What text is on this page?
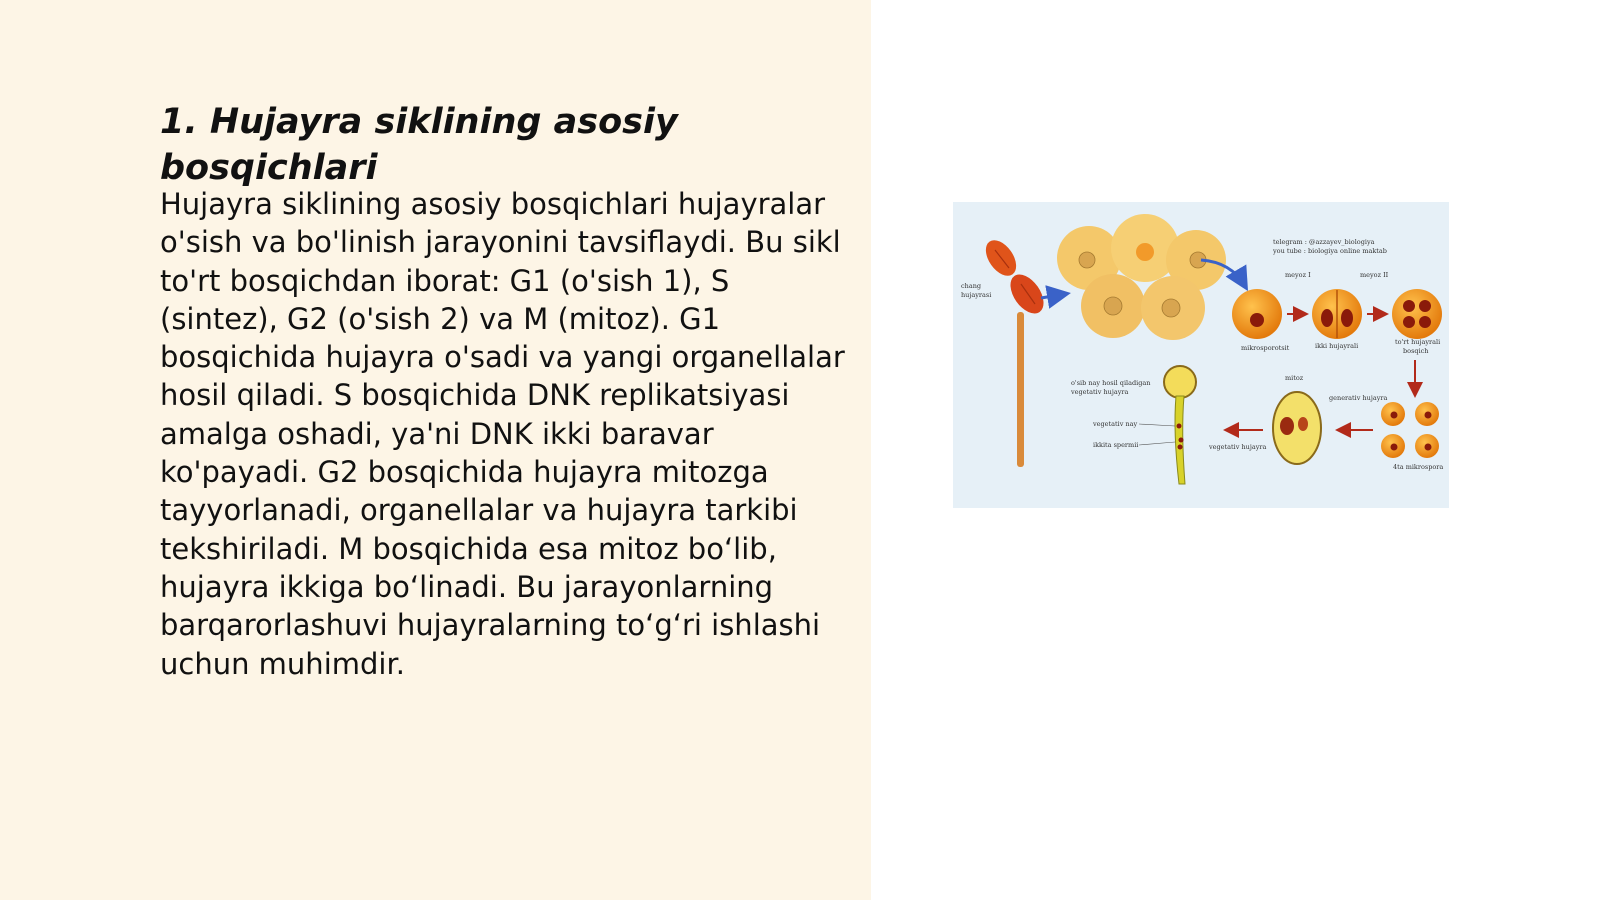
1. Hujayra siklining asosiy bosqichlari

Hujayra siklining asosiy bosqichlari hujayralar o'sish va bo'linish jarayonini tavsiflaydi. Bu sikl to'rt bosqichdan iborat: G1 (o'sish 1), S (sintez), G2 (o'sish 2) va M (mitoz). G1 bosqichida hujayra o'sadi va yangi organellalar hosil qiladi. S bosqichida DNK replikatsiyasi amalga oshadi, ya'ni DNK ikki baravar ko'payadi. G2 bosqichida hujayra mitozga tayyorlanadi, organellalar va hujayra tarkibi tekshiriladi. M bosqichida esa mitoz bo‘lib, hujayra ikkiga bo‘linadi. Bu jarayonlarning barqarorlashuvi hujayralarning to‘g‘ri ishlashi uchun muhimdir.

chang
hujayrasi
telegram : @azzayev_biologiya
you tube : biologiya online maktab
meyoz I	meyoz II
mikrosporotsit	ikki hujayrali	to'rt hujayrali
bosqich
4ta mikrospora
mitoz
generativ hujayra
vegetativ hujayra
o'sib nay hosil qiladigan
vegetativ hujayra
vegetativ nay
ikkita spermii
